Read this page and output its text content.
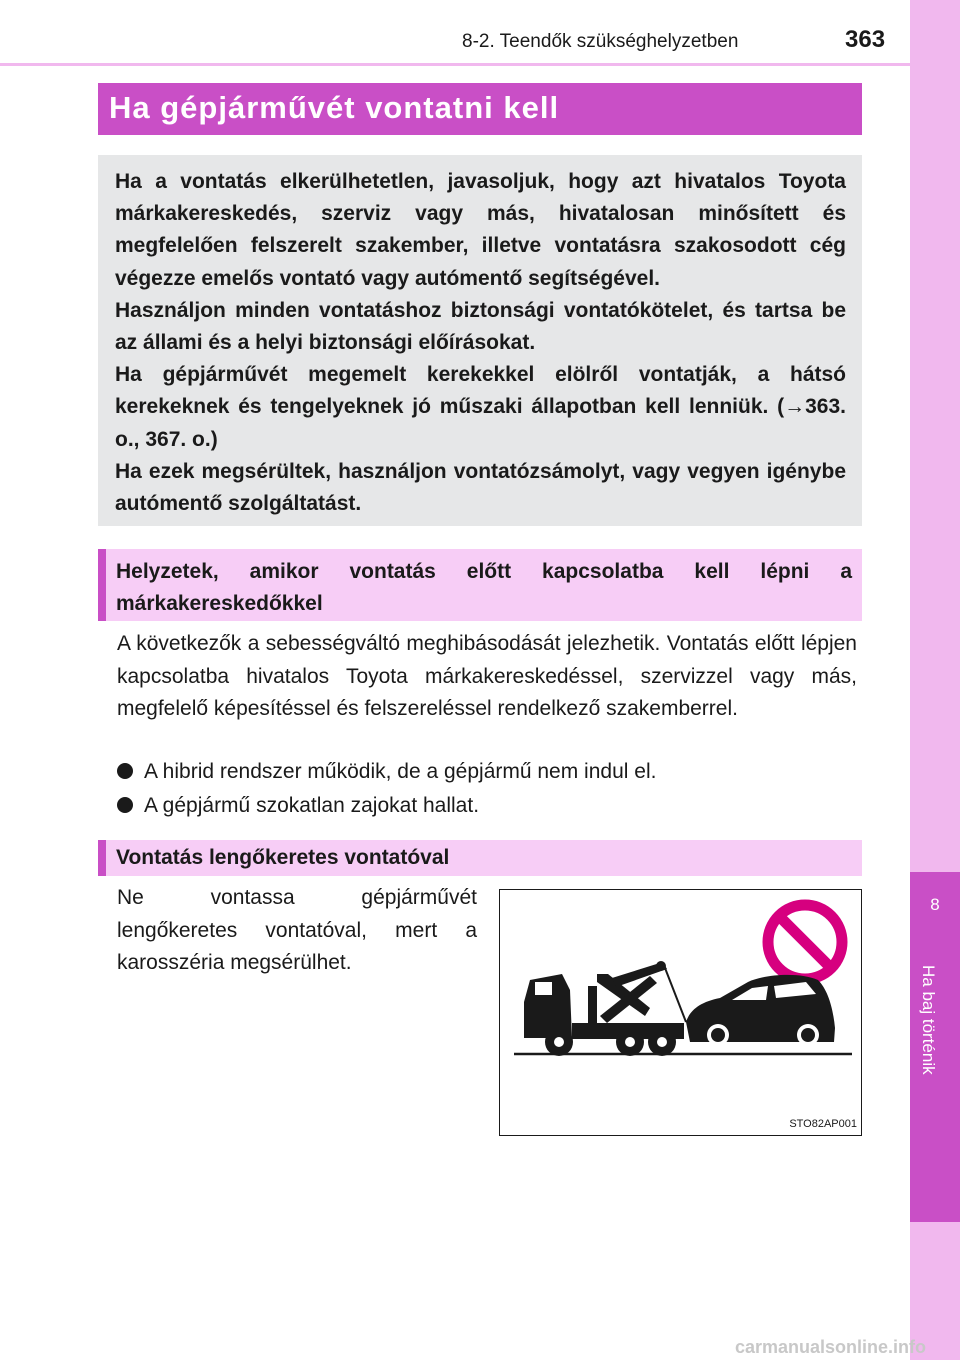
8
Ha baj történik
8-2. Teendők szükséghelyzetben	363
Ha gépjárművét vontatni kell

Ha a vontatás elkerülhetetlen, javasoljuk, hogy azt hivatalos Toyota márkakereskedés, szerviz vagy más, hivatalosan minősített és megfelelően felszerelt szakember, illetve vontatásra szakosodott cég végezze emelős vontató vagy autómentő segítségével.

Használjon minden vontatáshoz biztonsági vontatókötelet, és tartsa be az állami és a helyi biztonsági előírásokat.

Ha gépjárművét megemelt kerekekkel elölről vontatják, a hátsó kerekeknek és tengelyeknek jó műszaki állapotban kell lenniük. (→363. o., 367. o.)

Ha ezek megsérültek, használjon vontatózsámolyt, vagy vegyen igénybe autómentő szolgáltatást.

Helyzetek, amikor vontatás előtt kapcsolatba kell lépni a márkakereskedőkkel

A következők a sebességváltó meghibásodását jelezhetik. Vontatás előtt lépjen kapcsolatba hivatalos Toyota márkakereskedéssel, szervizzel vagy más, megfelelő képesítéssel és felszereléssel rendelkező szakemberrel.

A hibrid rendszer működik, de a gépjármű nem indul el.
A gépjármű szokatlan zajokat hallat.
Vontatás lengőkeretes vontatóval

Ne vontassa gépjárművét lengőkeretes vontatóval, mert a karosszéria megsérülhet.

STO82AP001
carmanualsonline.info
